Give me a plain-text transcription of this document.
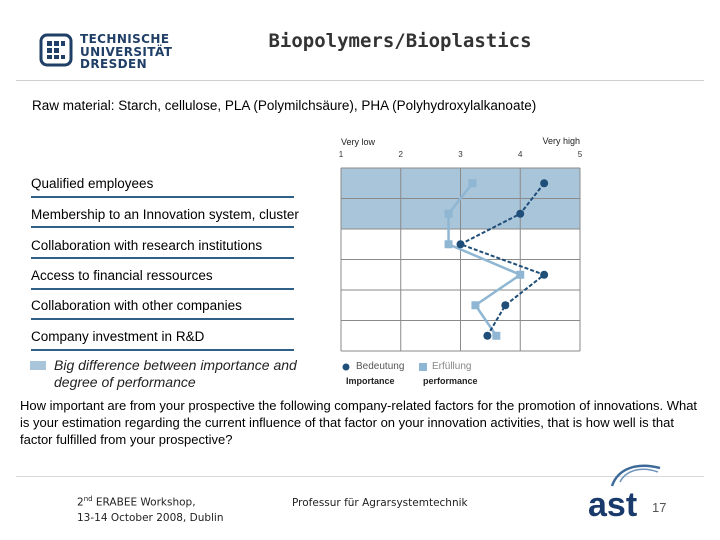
TECHNISCHE
UNIVERSITÄT
DRESDEN
Biopolymers/Bioplastics
Raw material: Starch, cellulose, PLA (Polymilchsäure), PHA (Polyhydroxylalkanoate)
Qualified employees
Membership to an Innovation system, cluster
Collaboration with research institutions
Access to financial ressources
Collaboration with other companies
Company investment in R&D
Very low	Very high
1	2	3	4	5
Bedeutung	Erfüllung
Importance	performance
Big difference between importance and degree of performance
How important are from your prospective the following company-related factors for the promotion of innovations. What is your estimation regarding the current influence of that factor on your innovation activities, that is how well is that factor fulfilled from your prospective?
2nd ERABEE Workshop,
13-14 October 2008, Dublin
Professur für Agrarsystemtechnik	ast 17
